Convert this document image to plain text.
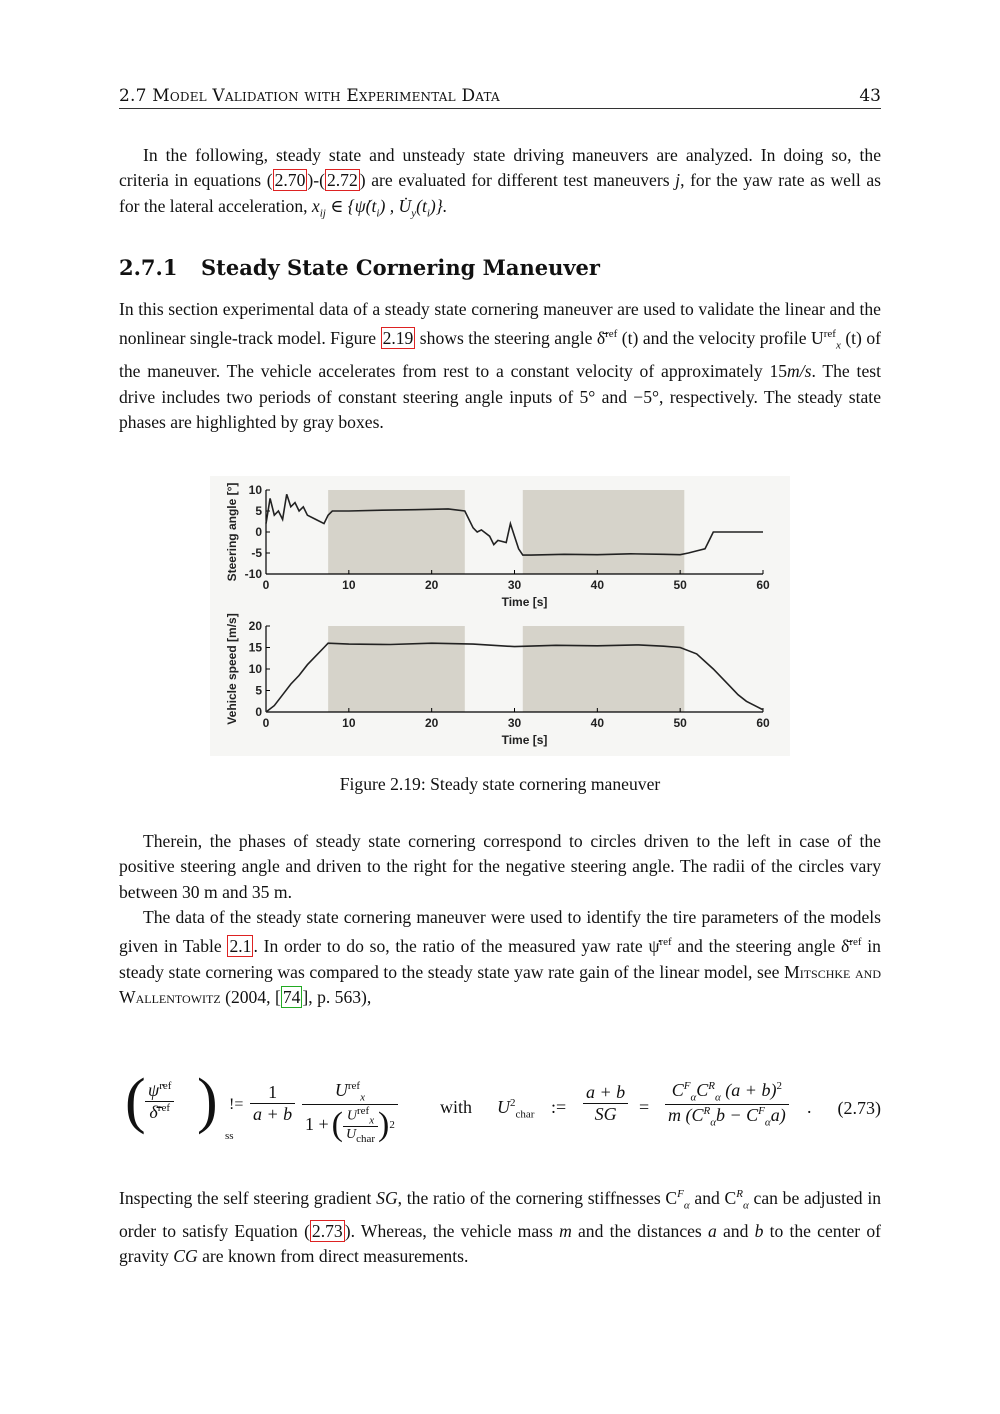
2.7 Model Validation with Experimental Data	43
In the following, steady state and unsteady state driving maneuvers are analyzed. In doing so, the criteria in equations ( 2.70 )-( 2.72 ) are evaluated for different test maneuvers j, for the yaw rate as well as for the lateral acceleration, $x_{ij}$ ∈ {$\psi̇(t_i)$ , $U̇_y(t_i)$}.
2.7.1 Steady State Cornering Maneuver
In this section experimental data of a steady state cornering maneuver are used to validate the linear and the nonlinear single-track model. Figure 2.19 shows the steering angle δ̄$^{ref}$ (t) and the velocity profile $U^{ref}_x$ (t) of the maneuver. The vehicle accelerates from rest to a constant velocity of approximately 15m/s. The test drive includes two periods of constant steering angle inputs of 5° and −5°, respectively. The steady state phases are highlighted by gray boxes.
0	10	20	30	40	50	60
10
5
0
-5
-10
Time [s]
Steering angle [°]
0	10	20	30	40	50	60
20
15
10
5
0
Time [s]
Vehicle speed [m/s]
Figure 2.19: Steady state cornering maneuver
Therein, the phases of steady state cornering correspond to circles driven to the left in case of the positive steering angle and driven to the right for the negative steering angle. The radii of the circles vary between 30 m and 35 m.
The data of the steady state cornering maneuver were used to identify the tire parameters of the models given in Table 2.1 . In order to do so, the ratio of the measured yaw rate ψ̇$^{ref}$ and the steering angle δ̄$^{ref}$ in steady state cornering was compared to the steady state yaw rate gain of the linear model, see Mitschke and Wallentowitz (2004, [ 74 ], p. 563),
( ψ̇$^{ref}$
δ̄$^{ref}$ )
ss
!= $\frac{1}{a + b} U^{ref}_x$
1 + ( $\frac{U^{ref}_x}{U_{char}}$ ) 2
with $U^2_{char}$ := $\frac{a + b}{SG} = \frac{C^F_\alpha C^R_\alpha (a + b)^2}{m (C^R_\alpha b - C^F_\alpha a)}$ . (2.73)
Inspecting the self steering gradient SG, the ratio of the cornering stiffnesses $C^F_\alpha$ and $C^R_\alpha$ can be adjusted in order to satisfy Equation ( 2.73 ). Whereas, the vehicle mass m and the distances a and b to the center of gravity CG are known from direct measurements.
